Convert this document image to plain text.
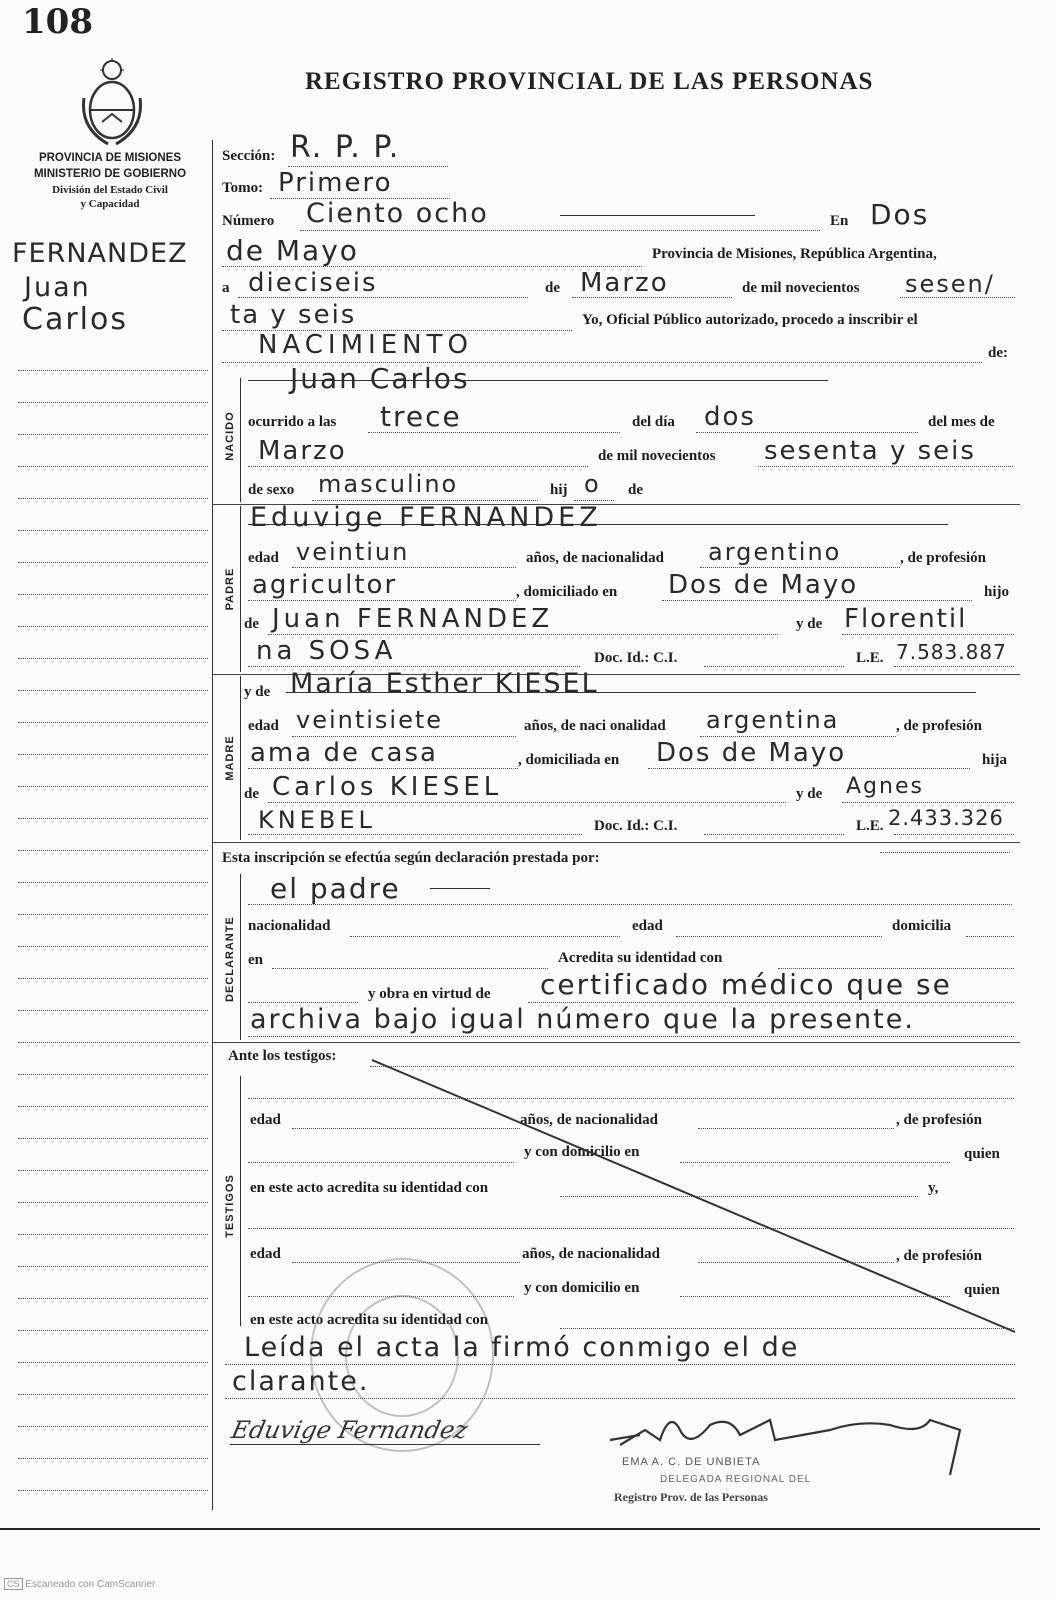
108
REGISTRO PROVINCIAL DE LAS PERSONAS
PROVINCIA DE MISIONES
MINISTERIO DE GOBIERNO
División del Estado Civil
y Capacidad
FERNANDEZ
Juan
Carlos
NACIDO
PADRE
MADRE
DECLARANTE
TESTIGOS
Sección: R. P. P.
Tomo: Primero
Número Ciento ocho	En Dos
de Mayo	Provincia de Misiones, República Argentina,
a dieciseis	de Marzo	de mil novecientos sesen/
ta y seis	Yo, Oficial Público autorizado, procedo a inscribir el
NACIMIENTO	de:
Juan Carlos
ocurrido a las trece	del día dos	del mes de
Marzo	de mil novecientos sesenta y seis
de sexo masculino	hij o de
Eduvige FERNANDEZ
edad veintiun	años, de nacionalidad argentino	, de profesión
agricultor	, domiciliado en Dos de Mayo	hijo
de Juan FERNANDEZ	y de Florentil
na SOSA	Doc. Id.: C.I.	L.E. 7.583.887
y de María Esther KIESEL
edad veintisiete	años, de naci onalidad argentina	, de profesión
ama de casa	, domiciliada en Dos de Mayo	hija
de Carlos KIESEL	y de Agnes
KNEBEL	Doc. Id.: C.I.	L.E. 2.433.326
Esta inscripción se efectúa según declaración prestada por:
el padre
nacionalidad	edad	domicilia
en	Acredita su identidad con
y obra en virtud de certificado médico que se
archiva bajo igual número que la presente.
Ante los testigos:
edad	años, de nacionalidad	, de profesión
y con domicilio en	quien
en este acto acredita su identidad con	y,
edad	años, de nacionalidad	, de profesión
y con domicilio en	quien
en este acto acredita su identidad con
Leída el acta la firmó conmigo el de
clarante.
Eduvige Fernandez
EMA A. C. DE UNBIETA
DELEGADA REGIONAL DEL
Registro Prov. de las Personas
CS Escaneado con CamScanner
